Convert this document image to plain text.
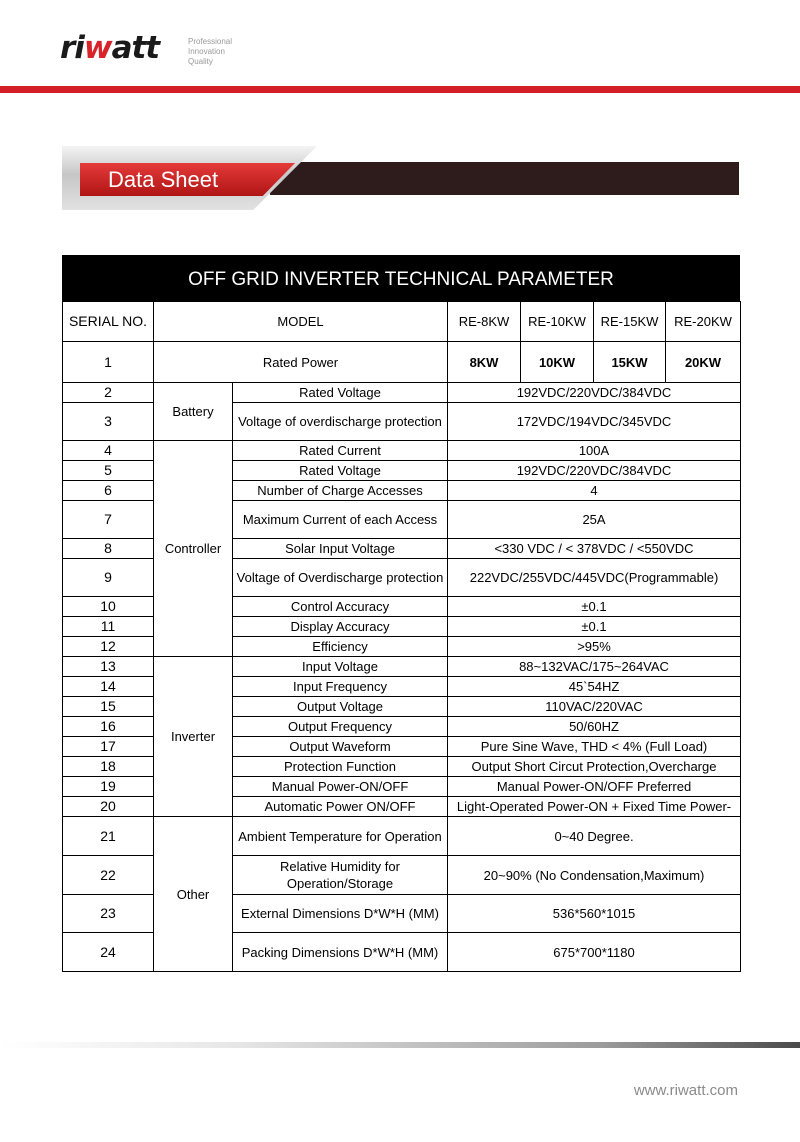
riwatt	Professional
Innovation
Quality
Data Sheet
OFF GRID INVERTER TECHNICAL PARAMETER
SERIAL NO.	MODEL		RE-8KW	RE-10KW	RE-15KW	RE-20KW
1	Rated Power		8KW	10KW	15KW	20KW
2	Battery	Rated Voltage	192VDC/220VDC/384VDC			
3		Voltage of overdischarge protection	172VDC/194VDC/345VDC			
4	Controller	Rated Current	100A			
5		Rated Voltage	192VDC/220VDC/384VDC			
6		Number of Charge Accesses	4			
7		Maximum Current of each Access	25A			
8		Solar Input Voltage	<330 VDC / < 378VDC / <550VDC			
9		Voltage of Overdischarge protection	222VDC/255VDC/445VDC(Programmable)			
10		Control Accuracy	±0.1			
11		Display Accuracy	±0.1			
12		Efficiency	>95%			
13	Inverter	Input Voltage	88~132VAC/175~264VAC			
14		Input Frequency	45`54HZ			
15		Output Voltage	110VAC/220VAC			
16		Output Frequency	50/60HZ			
17		Output Waveform	Pure Sine Wave, THD < 4% (Full Load)			
18		Protection Function	Output Short Circut Protection,Overcharge			
19		Manual Power-ON/OFF	Manual Power-ON/OFF Preferred			
20		Automatic Power ON/OFF	Light-Operated Power-ON + Fixed Time Power-			
21	Other	Ambient Temperature for Operation	0~40 Degree.			
22		Relative Humidity for Operation/Storage	20~90% (No Condensation,Maximum)			
23		External Dimensions D*W*H (MM)	536*560*1015			
24		Packing Dimensions D*W*H (MM)	675*700*1180			
www.riwatt.com
